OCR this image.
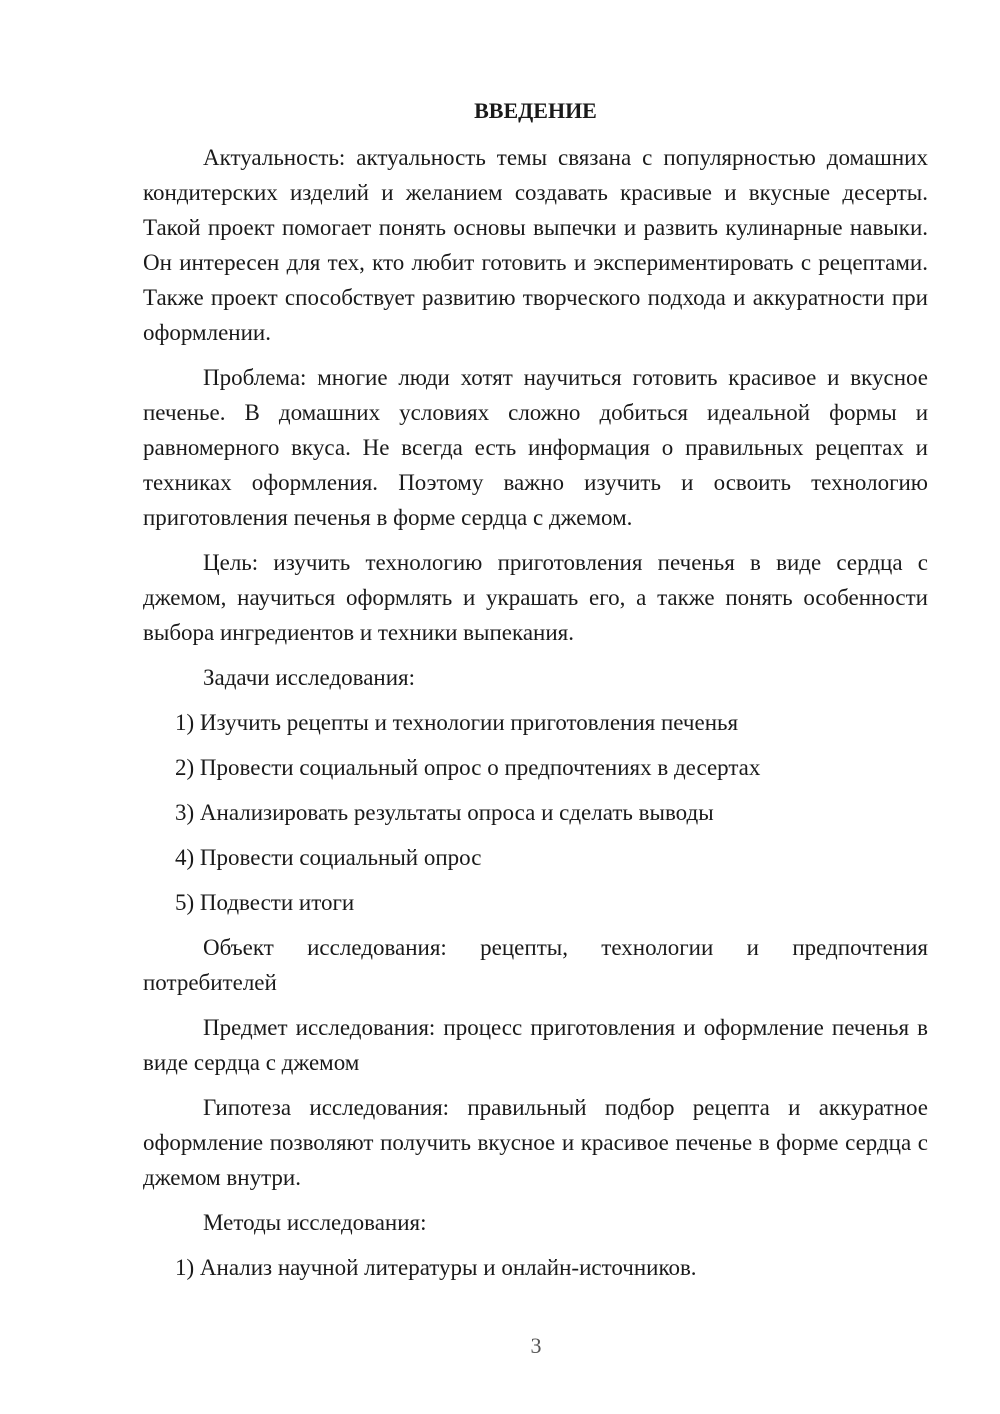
ВВЕДЕНИЕ

Актуальность: актуальность темы связана с популярностью домашних кондитерских изделий и желанием создавать красивые и вкусные десерты. Такой проект помогает понять основы выпечки и развить кулинарные навыки. Он интересен для тех, кто любит готовить и экспериментировать с рецептами. Также проект способствует развитию творческого подхода и аккуратности при оформлении.

Проблема: многие люди хотят научиться готовить красивое и вкусное печенье. В домашних условиях сложно добиться идеальной формы и равномерного вкуса. Не всегда есть информация о правильных рецептах и техниках оформления. Поэтому важно изучить и освоить технологию приготовления печенья в форме сердца с джемом.

Цель: изучить технологию приготовления печенья в виде сердца с джемом, научиться оформлять и украшать его, а также понять особенности выбора ингредиентов и техники выпекания.

Задачи исследования:

1) Изучить рецепты и технологии приготовления печенья
2) Провести социальный опрос о предпочтениях в десертах
3) Анализировать результаты опроса и сделать выводы
4) Провести социальный опрос
5) Подвести итоги

Объект исследования: рецепты, технологии и предпочтения потребителей

Предмет исследования: процесс приготовления и оформление печенья в виде сердца с джемом

Гипотеза исследования: правильный подбор рецепта и аккуратное оформление позволяют получить вкусное и красивое печенье в форме сердца с джемом внутри.

Методы исследования:

1) Анализ научной литературы и онлайн-источников.
3
